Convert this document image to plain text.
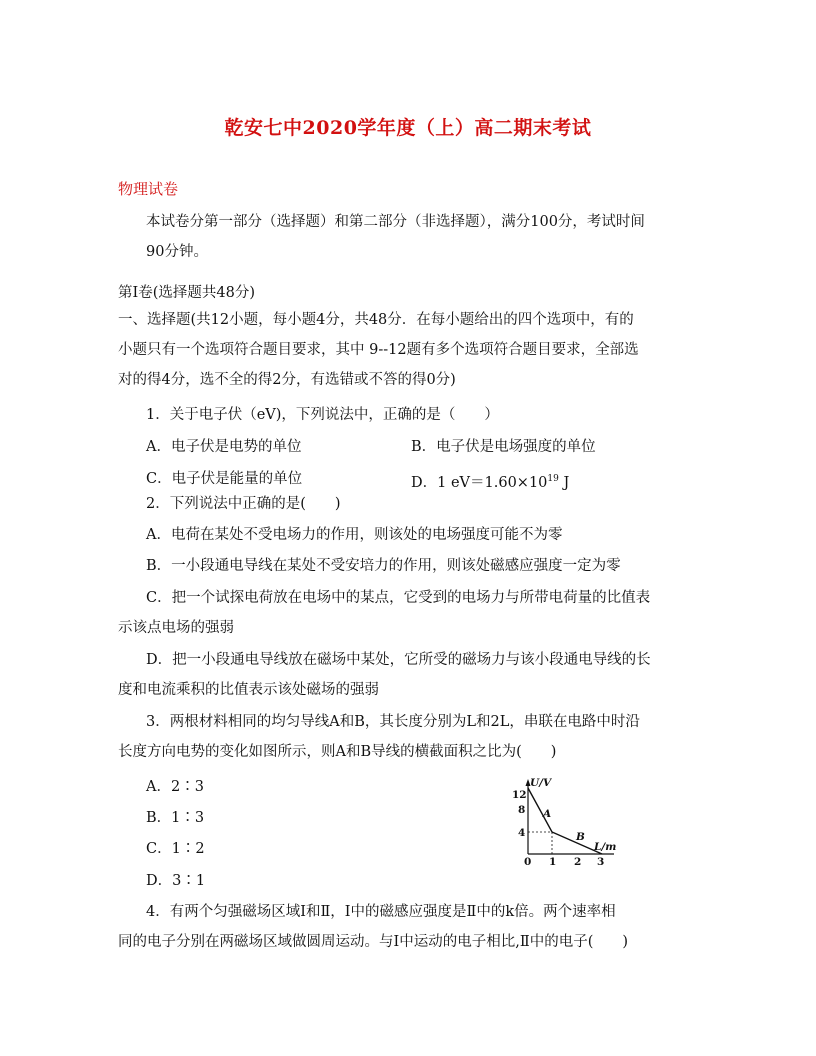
乾安七中2020学年度（上）高二期末考试
物理试卷
本试卷分第一部分（选择题）和第二部分（非选择题），满分100分，考试时间
90分钟。
第Ⅰ卷(选择题共48分)
一、选择题(共12小题，每小题4分，共48分．在每小题给出的四个选项中，有的
小题只有一个选项符合题目要求，其中 9--12题有多个选项符合题目要求，全部选
对的得4分，选不全的得2分，有选错或不答的得0分)
1．关于电子伏（eV)，下列说法中，正确的是（　　）
A．电子伏是电势的单位	B．电子伏是电场强度的单位
C．电子伏是能量的单位	D．1 $eV=1.60\times 10^{19}$ J
2．下列说法中正确的是(　　)
A．电荷在某处不受电场力的作用，则该处的电场强度可能不为零
B．一小段通电导线在某处不受安培力的作用，则该处磁感应强度一定为零
C．把一个试探电荷放在电场中的某点，它受到的电场力与所带电荷量的比值表
示该点电场的强弱
D．把一小段通电导线放在磁场中某处，它所受的磁场力与该小段通电导线的长
度和电流乘积的比值表示该处磁场的强弱
3．两根材料相同的均匀导线A和B，其长度分别为L和2L，串联在电路中时沿
长度方向电势的变化如图所示，则A和B导线的横截面积之比为(　　)
A．2∶3
B．1∶3
C．1∶2
D．3∶1
U/V
L/m
12
8
4
0 1 2 3
A
B
4．有两个匀强磁场区域Ⅰ和Ⅱ，Ⅰ中的磁感应强度是Ⅱ中的k倍。两个速率相
同的电子分别在两磁场区域做圆周运动。与Ⅰ中运动的电子相比,Ⅱ中的电子(　　)
